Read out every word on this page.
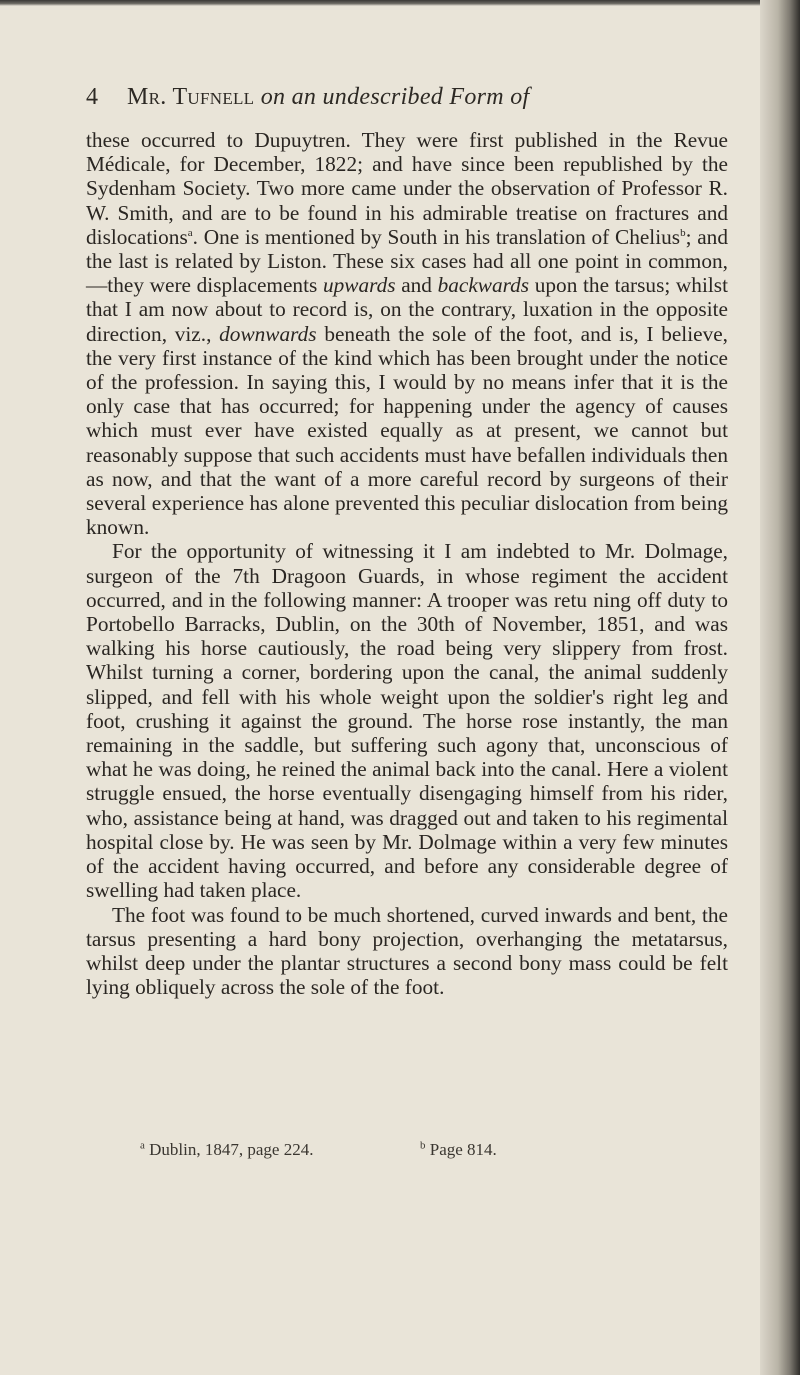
4 Mr. Tufnell on an undescribed Form of

these occurred to Dupuytren. They were first published in the Revue Médicale, for December, 1822; and have since been republished by the Sydenham Society. Two more came under the observation of Professor R. W. Smith, and are to be found in his admirable treatise on fractures and dislocations$^a$. One is mentioned by South in his translation of Chelius$^b$; and the last is related by Liston. These six cases had all one point in common,—they were displacements upwards and backwards upon the tarsus; whilst that I am now about to record is, on the contrary, luxation in the opposite direction, viz., downwards beneath the sole of the foot, and is, I believe, the very first instance of the kind which has been brought under the notice of the profession. In saying this, I would by no means infer that it is the only case that has occurred; for happening under the agency of causes which must ever have existed equally as at present, we cannot but reasonably suppose that such accidents must have befallen individuals then as now, and that the want of a more careful record by surgeons of their several experience has alone prevented this peculiar dislocation from being known.

For the opportunity of witnessing it I am indebted to Mr. Dolmage, surgeon of the 7th Dragoon Guards, in whose regiment the accident occurred, and in the following manner: A trooper was retu ning off duty to Portobello Barracks, Dublin, on the 30th of November, 1851, and was walking his horse cautiously, the road being very slippery from frost. Whilst turning a corner, bordering upon the canal, the animal suddenly slipped, and fell with his whole weight upon the soldier's right leg and foot, crushing it against the ground. The horse rose instantly, the man remaining in the saddle, but suffering such agony that, unconscious of what he was doing, he reined the animal back into the canal. Here a violent struggle ensued, the horse eventually disengaging himself from his rider, who, assistance being at hand, was dragged out and taken to his regimental hospital close by. He was seen by Mr. Dolmage within a very few minutes of the accident having occurred, and before any considerable degree of swelling had taken place.

The foot was found to be much shortened, curved inwards and bent, the tarsus presenting a hard bony projection, overhanging the metatarsus, whilst deep under the plantar structures a second bony mass could be felt lying obliquely across the sole of the foot.

$^a$ Dublin, 1847, page 224.	$^b$ Page 814.
